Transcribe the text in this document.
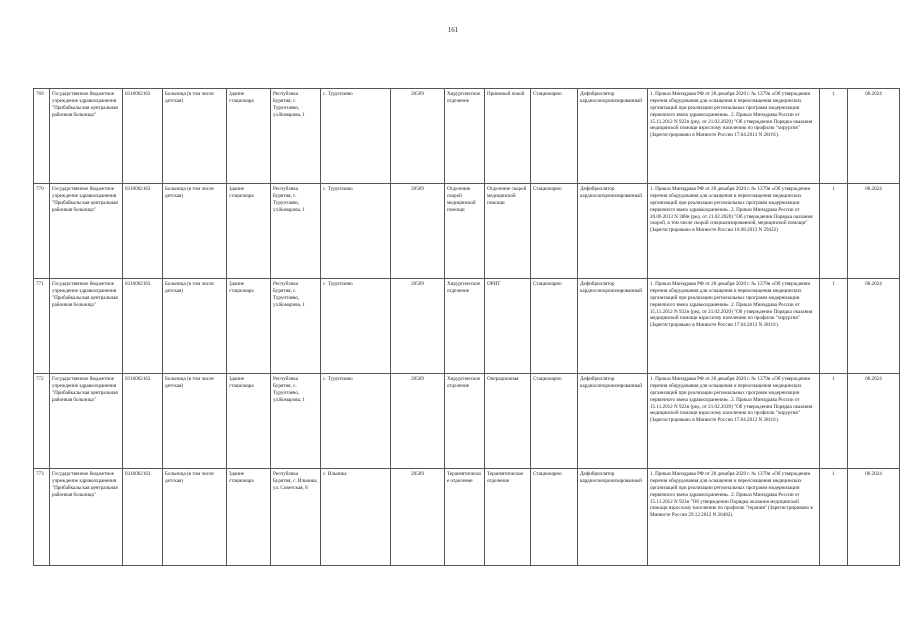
161
769	Государственное бюджетное учреждение здравоохранения "Прибайкальская центральная районная больница"	0316002163	Больница (в том числе детская)	Здание стационара	Республика Бурятия, с. Турунтаево, ул.Комарова, 1	с. Турунтаево	20509	Хирургическое отделение	Приемный покой	Стационарно	Дефибриллятор кардиосинхронизированный	1. Приказ Минздрава РФ от 28 декабря 2020 г. № 1379н «Об утверждении перечня оборудования для оснащения и переоснащения медицинских организаций при реализации региональных программ модернизации первичного звена здравоохранения». 2. Приказ Минздрава России от 15.11.2012 N 922н (ред. от 21.02.2020) "Об утверждении Порядка оказания медицинской помощи взрослому населению по профилю "хирургия" (Зарегистрировано в Минюсте России 17.04.2013 N 28161).	1	06.2024
770	Государственное бюджетное учреждение здравоохранения "Прибайкальская центральная районная больница"	0316002163	Больница (в том числе детская)	Здание стационара	Республика Бурятия, с. Турунтаево, ул.Комарова, 1	с. Турунтаево	20509	Отделение скорой медицинской помощи	Отделение скорой медицинской помощи	Стационарно	Дефибриллятор кардиосинхронизированный	1. Приказ Минздрава РФ от 28 декабря 2020 г. № 1379н «Об утверждении перечня оборудования для оснащения и переоснащения медицинских организаций при реализации региональных программ модернизации первичного звена здравоохранения». 2. Приказ Минздрава России от 20.06.2013 N 388н (ред. от 21.02.2020) "Об утверждении Порядка оказания скорой, в том числе скорой специализированной, медицинской помощи" (Зарегистрировано в Минюсте России 16.08.2013 N 29422)	1	06.2024
771	Государственное бюджетное учреждение здравоохранения "Прибайкальская центральная районная больница"	0316002163	Больница (в том числе детская)	Здание стационара	Республика Бурятия, с. Турунтаево, ул.Комарова, 1	с. Турунтаево	20509	Хирургическое отделение	ОРИТ	Стационарно	Дефибриллятор кардиосинхронизированный	1. Приказ Минздрава РФ от 28 декабря 2020 г. № 1379н «Об утверждении перечня оборудования для оснащения и переоснащения медицинских организаций при реализации региональных программ модернизации первичного звена здравоохранения». 2. Приказ Минздрава России от 15.11.2012 N 922н (ред. от 21.02.2020) "Об утверждении Порядка оказания медицинской помощи взрослому населению по профилю "хирургия" (Зарегистрировано в Минюсте России 17.04.2013 N 28161).	1	06.2024
772	Государственное бюджетное учреждение здравоохранения "Прибайкальская центральная районная больница"	0316002163	Больница (в том числе детская)	Здание стационара	Республика Бурятия, с. Турунтаево, ул.Комарова, 1	с. Турунтаево	20509	Хирургическое отделение	Операционная	Стационарно	Дефибриллятор кардиосинхронизированный	1. Приказ Минздрава РФ от 28 декабря 2020 г. № 1379н «Об утверждении перечня оборудования для оснащения и переоснащения медицинских организаций при реализации региональных программ модернизации первичного звена здравоохранения». 2. Приказ Минздрава России от 15.11.2012 N 922н (ред. от 21.02.2020) "Об утверждении Порядка оказания медицинской помощи взрослому населению по профилю "хирургия" (Зарегистрировано в Минюсте России 17.04.2013 N 28161).	1	06.2024
773	Государственное бюджетное учреждение здравоохранения "Прибайкальская центральная районная больница"	0316002163	Больница (в том числе детская)	Здание стационара	Республика Бурятия, с. Ильинка, ул. Советская, 8	с. Ильинка	20509	Терапевтическое отделение	Терапевтическое отделение	Стационарно	Дефибриллятор кардиосинхронизированный	1. Приказ Минздрава РФ от 28 декабря 2020 г. № 1379н «Об утверждении перечня оборудования для оснащения и переоснащения медицинских организаций при реализации региональных программ модернизации первичного звена здравоохранения». 2. Приказ Минздрава России от 15.11.2012 N 923н "Об утверждении Порядка оказания медицинской помощи взрослому населению по профилю "терапия" (Зарегистрировано в Минюсте России 29.12.2012 N 26482).	1	06.2024
